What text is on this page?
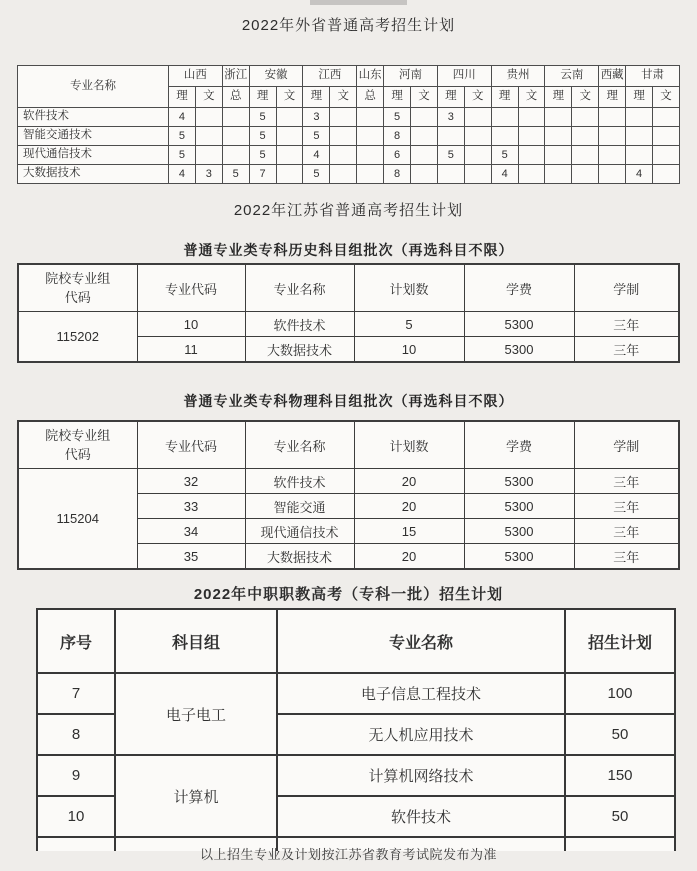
2022年外省普通高考招生计划
专业名称	山西		浙江	安徽		江西		山东	河南		四川		贵州		云南		西藏	甘肃	
	理	文	总	理	文	理	文	总	理	文	理	文	理	文	理	文	理	理	文
软件技术	4			5		3			5		3								
智能交通技术	5			5		5			8										
现代通信技术	5			5		4			6		5		5						
大数据技术	4	3	5	7		5			8				4					4	
2022年江苏省普通高考招生计划
普通专业类专科历史科目组批次（再选科目不限）
院校专业组代码	专业代码	专业名称	计划数	学费	学制
115202	10	软件技术	5	5300	三年
	11	大数据技术	10	5300	三年
普通专业类专科物理科目组批次（再选科目不限）
院校专业组代码	专业代码	专业名称	计划数	学费	学制
115204	32	软件技术	20	5300	三年
	33	智能交通	20	5300	三年
	34	现代通信技术	15	5300	三年
	35	大数据技术	20	5300	三年
2022年中职职教高考（专科一批）招生计划
序号	科目组	专业名称	招生计划
7	电子电工	电子信息工程技术	100
8		无人机应用技术	50
9	计算机	计算机网络技术	150
10		软件技术	50

以上招生专业及计划按江苏省教育考试院发布为准
